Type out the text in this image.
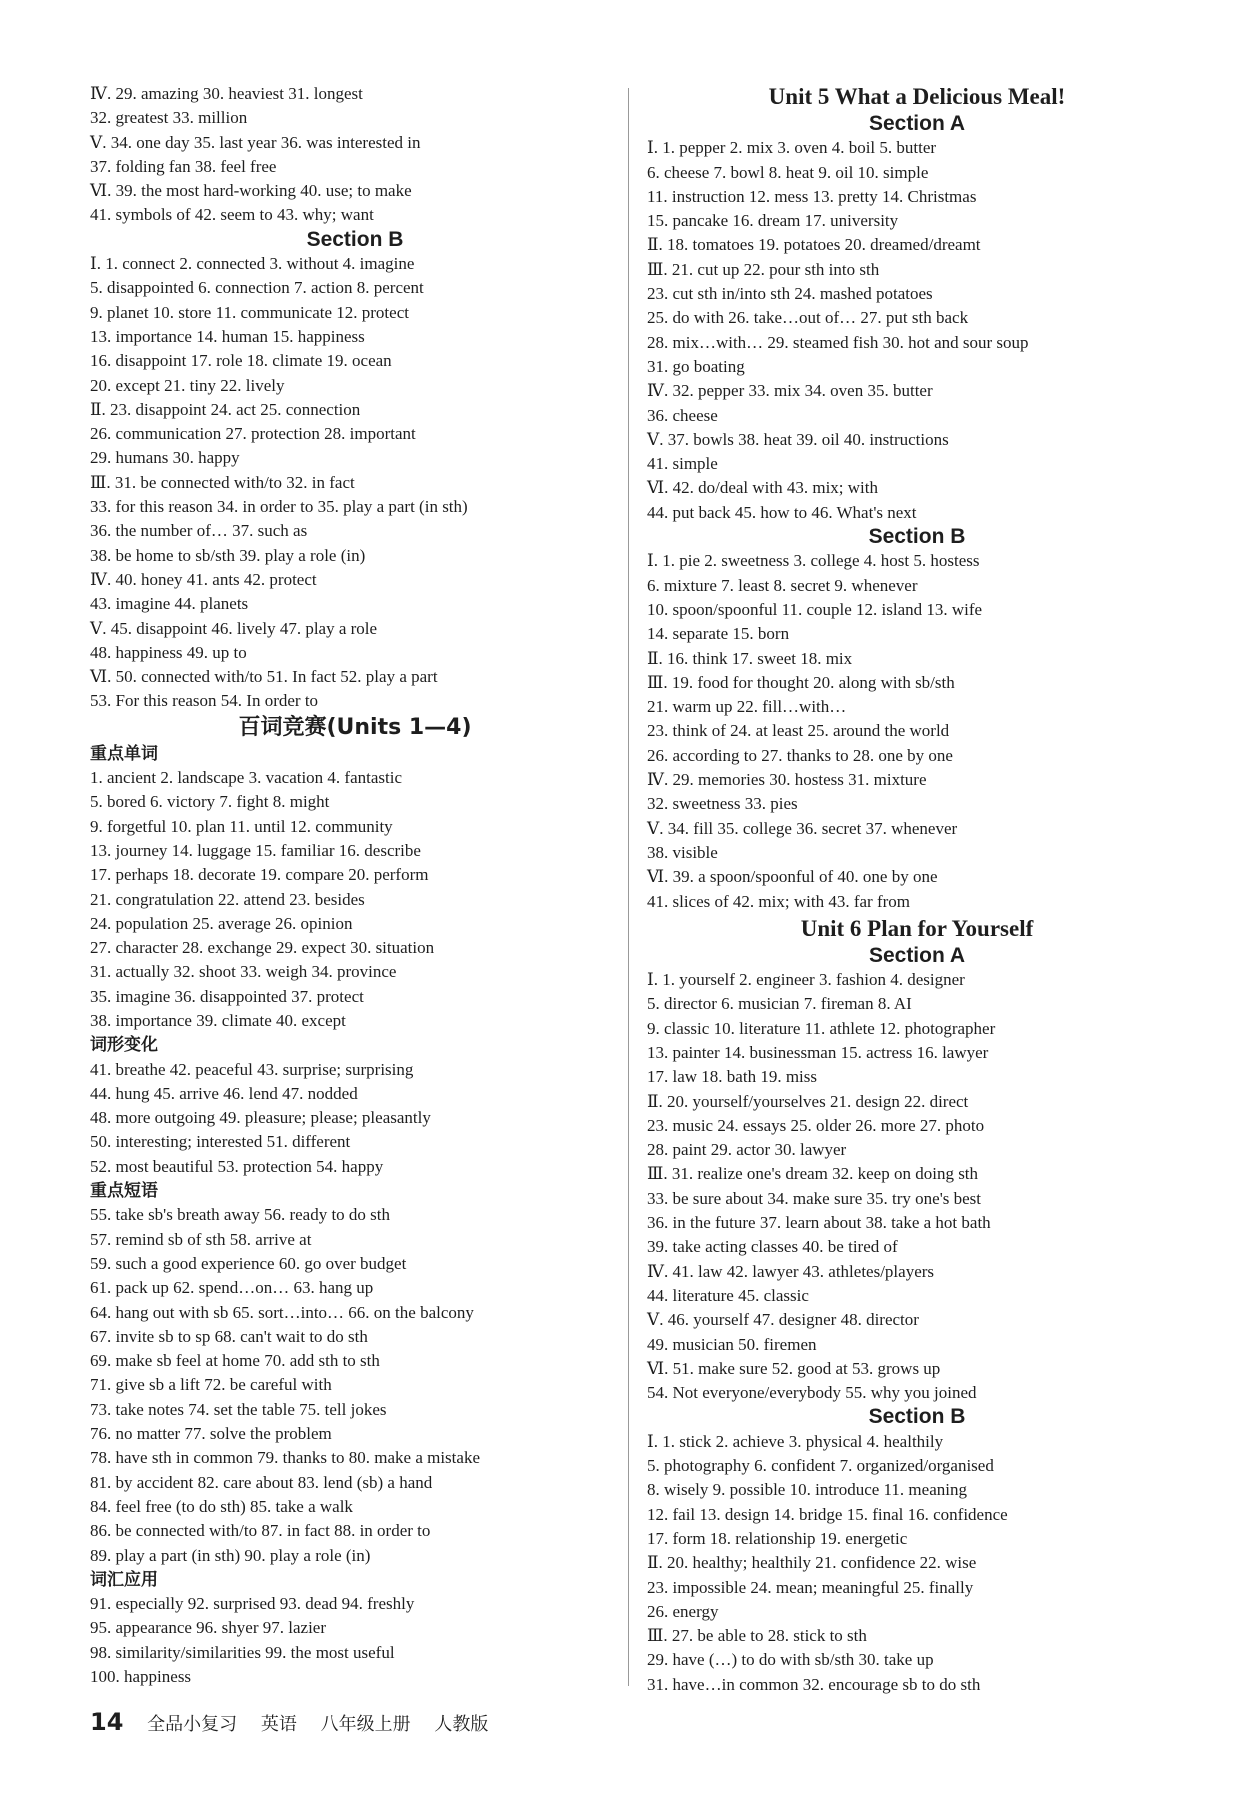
Ⅳ. 29. amazing 30. heaviest 31. longest
32. greatest 33. million
Ⅴ. 34. one day 35. last year 36. was interested in
37. folding fan 38. feel free
Ⅵ. 39. the most hard-working 40. use; to make
41. symbols of 42. seem to 43. why; want
Section B
Ⅰ. 1. connect 2. connected 3. without 4. imagine
5. disappointed 6. connection 7. action 8. percent
9. planet 10. store 11. communicate 12. protect
13. importance 14. human 15. happiness
16. disappoint 17. role 18. climate 19. ocean
20. except 21. tiny 22. lively
Ⅱ. 23. disappoint 24. act 25. connection
26. communication 27. protection 28. important
29. humans 30. happy
Ⅲ. 31. be connected with/to 32. in fact
33. for this reason 34. in order to 35. play a part (in sth)
36. the number of… 37. such as
38. be home to sb/sth 39. play a role (in)
Ⅳ. 40. honey 41. ants 42. protect
43. imagine 44. planets
Ⅴ. 45. disappoint 46. lively 47. play a role
48. happiness 49. up to
Ⅵ. 50. connected with/to 51. In fact 52. play a part
53. For this reason 54. In order to
百词竞赛(Units 1—4)
重点单词
1. ancient 2. landscape 3. vacation 4. fantastic
5. bored 6. victory 7. fight 8. might
9. forgetful 10. plan 11. until 12. community
13. journey 14. luggage 15. familiar 16. describe
17. perhaps 18. decorate 19. compare 20. perform
21. congratulation 22. attend 23. besides
24. population 25. average 26. opinion
27. character 28. exchange 29. expect 30. situation
31. actually 32. shoot 33. weigh 34. province
35. imagine 36. disappointed 37. protect
38. importance 39. climate 40. except
词形变化
41. breathe 42. peaceful 43. surprise; surprising
44. hung 45. arrive 46. lend 47. nodded
48. more outgoing 49. pleasure; please; pleasantly
50. interesting; interested 51. different
52. most beautiful 53. protection 54. happy
重点短语
55. take sb's breath away 56. ready to do sth
57. remind sb of sth 58. arrive at
59. such a good experience 60. go over budget
61. pack up 62. spend…on… 63. hang up
64. hang out with sb 65. sort…into… 66. on the balcony
67. invite sb to sp 68. can't wait to do sth
69. make sb feel at home 70. add sth to sth
71. give sb a lift 72. be careful with
73. take notes 74. set the table 75. tell jokes
76. no matter 77. solve the problem
78. have sth in common 79. thanks to 80. make a mistake
81. by accident 82. care about 83. lend (sb) a hand
84. feel free (to do sth) 85. take a walk
86. be connected with/to 87. in fact 88. in order to
89. play a part (in sth) 90. play a role (in)
词汇应用
91. especially 92. surprised 93. dead 94. freshly
95. appearance 96. shyer 97. lazier
98. similarity/similarities 99. the most useful
100. happiness
Unit 5 What a Delicious Meal!
Section A
Ⅰ. 1. pepper 2. mix 3. oven 4. boil 5. butter
6. cheese 7. bowl 8. heat 9. oil 10. simple
11. instruction 12. mess 13. pretty 14. Christmas
15. pancake 16. dream 17. university
Ⅱ. 18. tomatoes 19. potatoes 20. dreamed/dreamt
Ⅲ. 21. cut up 22. pour sth into sth
23. cut sth in/into sth 24. mashed potatoes
25. do with 26. take…out of… 27. put sth back
28. mix…with… 29. steamed fish 30. hot and sour soup
31. go boating
Ⅳ. 32. pepper 33. mix 34. oven 35. butter
36. cheese
Ⅴ. 37. bowls 38. heat 39. oil 40. instructions
41. simple
Ⅵ. 42. do/deal with 43. mix; with
44. put back 45. how to 46. What's next
Section B
Ⅰ. 1. pie 2. sweetness 3. college 4. host 5. hostess
6. mixture 7. least 8. secret 9. whenever
10. spoon/spoonful 11. couple 12. island 13. wife
14. separate 15. born
Ⅱ. 16. think 17. sweet 18. mix
Ⅲ. 19. food for thought 20. along with sb/sth
21. warm up 22. fill…with…
23. think of 24. at least 25. around the world
26. according to 27. thanks to 28. one by one
Ⅳ. 29. memories 30. hostess 31. mixture
32. sweetness 33. pies
Ⅴ. 34. fill 35. college 36. secret 37. whenever
38. visible
Ⅵ. 39. a spoon/spoonful of 40. one by one
41. slices of 42. mix; with 43. far from
Unit 6 Plan for Yourself
Section A
Ⅰ. 1. yourself 2. engineer 3. fashion 4. designer
5. director 6. musician 7. fireman 8. AI
9. classic 10. literature 11. athlete 12. photographer
13. painter 14. businessman 15. actress 16. lawyer
17. law 18. bath 19. miss
Ⅱ. 20. yourself/yourselves 21. design 22. direct
23. music 24. essays 25. older 26. more 27. photo
28. paint 29. actor 30. lawyer
Ⅲ. 31. realize one's dream 32. keep on doing sth
33. be sure about 34. make sure 35. try one's best
36. in the future 37. learn about 38. take a hot bath
39. take acting classes 40. be tired of
Ⅳ. 41. law 42. lawyer 43. athletes/players
44. literature 45. classic
Ⅴ. 46. yourself 47. designer 48. director
49. musician 50. firemen
Ⅵ. 51. make sure 52. good at 53. grows up
54. Not everyone/everybody 55. why you joined
Section B
Ⅰ. 1. stick 2. achieve 3. physical 4. healthily
5. photography 6. confident 7. organized/organised
8. wisely 9. possible 10. introduce 11. meaning
12. fail 13. design 14. bridge 15. final 16. confidence
17. form 18. relationship 19. energetic
Ⅱ. 20. healthy; healthily 21. confidence 22. wise
23. impossible 24. mean; meaningful 25. finally
26. energy
Ⅲ. 27. be able to 28. stick to sth
29. have (…) to do with sb/sth 30. take up
31. have…in common 32. encourage sb to do sth
14 全品小复习 英语 八年级上册 人教版
